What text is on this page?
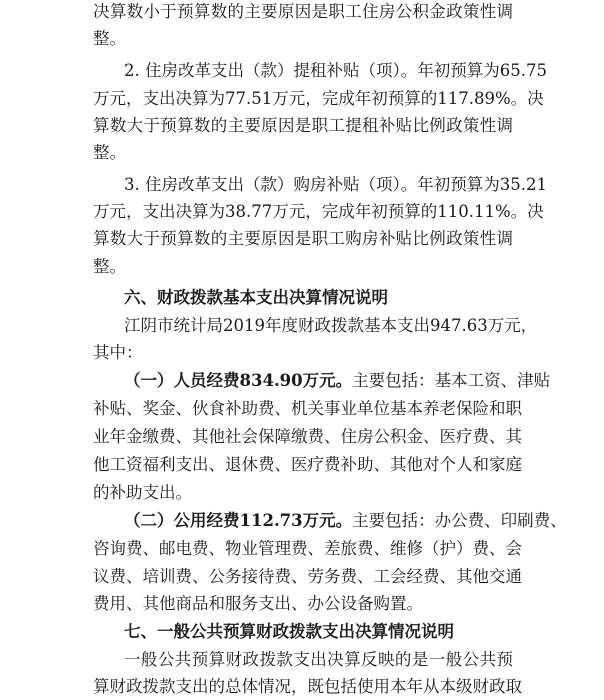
决算数小于预算数的主要原因是职工住房公积金政策性调
整。
2. 住房改革支出（款）提租补贴（项）。年初预算为65.75
万元，支出决算为77.51万元，完成年初预算的117.89%。决
算数大于预算数的主要原因是职工提租补贴比例政策性调
整。
3. 住房改革支出（款）购房补贴（项）。年初预算为35.21
万元，支出决算为38.77万元，完成年初预算的110.11%。决
算数大于预算数的主要原因是职工购房补贴比例政策性调
整。
六、财政拨款基本支出决算情况说明
江阴市统计局2019年度财政拨款基本支出947.63万元，
其中：
（一）人员经费834.90万元。主要包括：基本工资、津贴
补贴、奖金、伙食补助费、机关事业单位基本养老保险和职
业年金缴费、其他社会保障缴费、住房公积金、医疗费、其
他工资福利支出、退休费、医疗费补助、其他对个人和家庭
的补助支出。
（二）公用经费112.73万元。主要包括：办公费、印刷费、
咨询费、邮电费、物业管理费、差旅费、维修（护）费、会
议费、培训费、公务接待费、劳务费、工会经费、其他交通
费用、其他商品和服务支出、办公设备购置。
七、一般公共预算财政拨款支出决算情况说明
一般公共预算财政拨款支出决算反映的是一般公共预
算财政拨款支出的总体情况，既包括使用本年从本级财政取
